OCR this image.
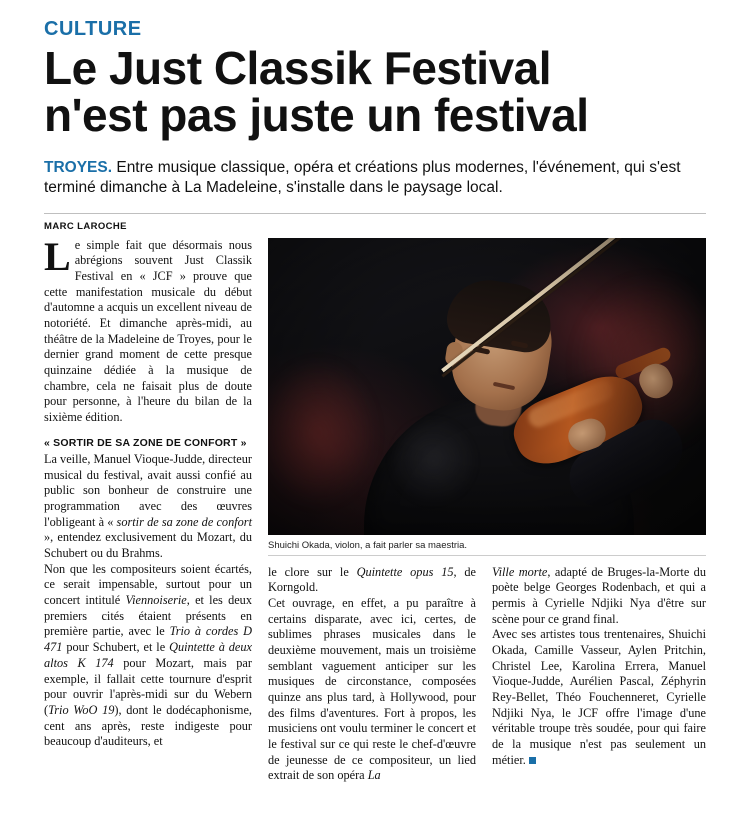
CULTURE
Le Just Classik Festival
n'est pas juste un festival
TROYES. Entre musique classique, opéra et créations plus modernes, l'événement, qui s'est terminé dimanche à La Madeleine, s'installe dans le paysage local.
MARC LAROCHE
Shuichi Okada, violon, a fait parler sa maestria.

Le simple fait que désormais nous abrégions souvent Just Classik Festival en « JCF » prouve que cette manifestation musicale du début d'automne a acquis un excellent niveau de notoriété. Et dimanche après-midi, au théâtre de la Madeleine de Troyes, pour le dernier grand moment de cette presque quinzaine dédiée à la musique de chambre, cela ne faisait plus de doute pour personne, à l'heure du bilan de la sixième édition.

« SORTIR DE SA ZONE DE CONFORT »

La veille, Manuel Vioque-Judde, directeur musical du festival, avait aussi confié au public son bonheur de construire une programmation avec des œuvres l'obligeant à « sortir de sa zone de confort », entendez exclusivement du Mozart, du Schubert ou du Brahms.

Non que les compositeurs soient écartés, ce serait impensable, surtout pour un concert intitulé Viennoiserie, et les deux premiers cités étaient présents en première partie, avec le Trio à cordes D 471 pour Schubert, et le Quintette à deux altos K 174 pour Mozart, mais par exemple, il fallait cette tournure d'esprit pour ouvrir l'après-midi sur du Webern (Trio WoO 19), dont le dodécaphonisme, cent ans après, reste indigeste pour beaucoup d'auditeurs, et

le clore sur le Quintette opus 15, de Korngold.

Cet ouvrage, en effet, a pu paraître à certains disparate, avec ici, certes, de sublimes phrases musicales dans le deuxième mouvement, mais un troisième semblant vaguement anticiper sur les musiques de circonstance, composées quinze ans plus tard, à Hollywood, pour des films d'aventures. Fort à propos, les musiciens ont voulu terminer le concert et le festival sur ce qui reste le chef-d'œuvre de jeunesse de ce compositeur, un lied extrait de son opéra La

Ville morte, adapté de Bruges-la-Morte du poète belge Georges Rodenbach, et qui a permis à Cyrielle Ndjiki Nya d'être sur scène pour ce grand final.

Avec ses artistes tous trentenaires, Shuichi Okada, Camille Vasseur, Aylen Pritchin, Christel Lee, Karolina Errera, Manuel Vioque-Judde, Aurélien Pascal, Zéphyrin Rey-Bellet, Théo Fouchenneret, Cyrielle Ndjiki Nya, le JCF offre l'image d'une véritable troupe très soudée, pour qui faire de la musique n'est pas seulement un métier.
